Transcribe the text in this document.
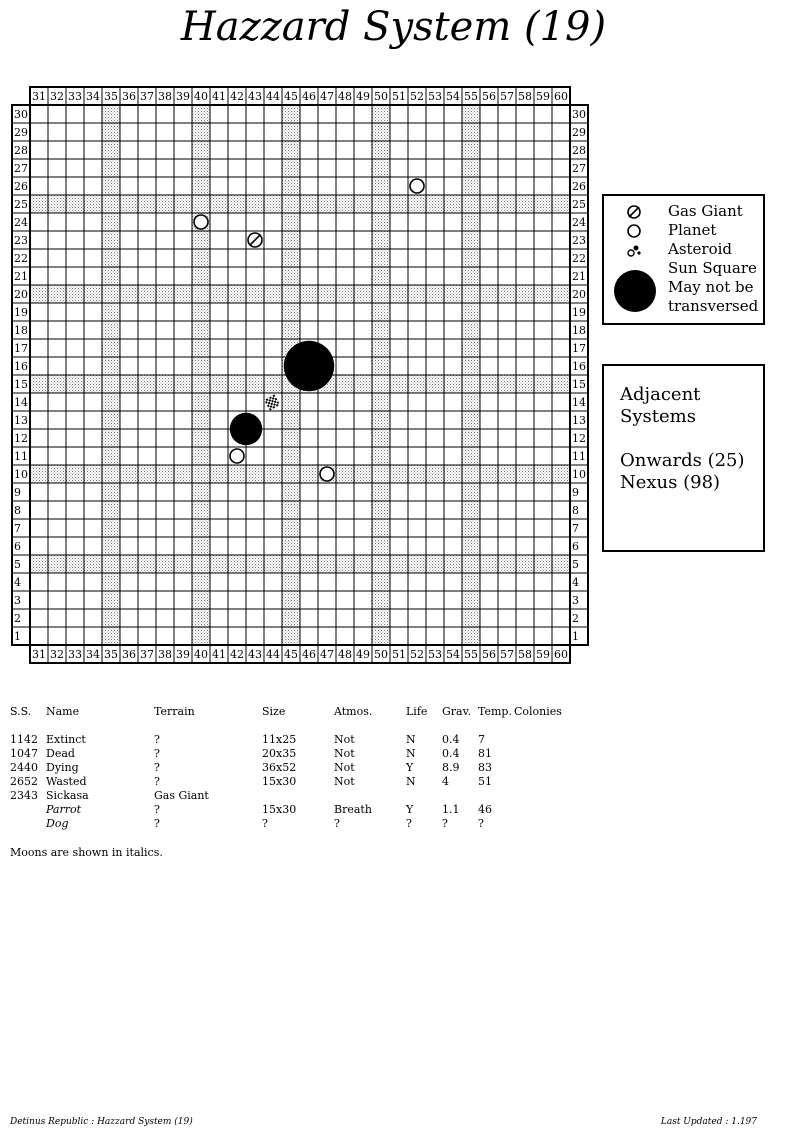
Hazzard System (19)
31
31
32
32
33
33
34
34
35
35
36
36
37
37
38
38
39
39
40
40
41
41
42
42
43
43
44
44
45
45
46
46
47
47
48
48
49
49
50
50
51
51
52
52
53
53
54
54
55
55
56
56
57
57
58
58
59
59
60
60
30	30
29	29
28	28
27	27
26	26
25	25
24	24
23	23
22	22
21	21
20	20
19	19
18	18
17	17
16	16
15	15
14	14
13	13
12	12
11	11
10	10
9	9
8	8
7	7
6	6
5	5
4	4
3	3
2	2
1	1
Gas Giant
Planet
Asteroid
Sun Square
May not be
transversed
Adjacent
Systems
Onwards (25)
Nexus (98)
S.S. Name	Terrain	Size	Atmos.	Life Grav. Temp. Colonies
1142 Extinct	?	11x25	Not	N 0.4 7
1047 Dead	?	20x35	Not	N 0.4 81
2440 Dying	?	36x52	Not	Y	8.9 83
2652 Wasted	?	15x30	Not	N 4	51
2343 Sickasa	Gas Giant
Parrot	?	15x30	Breath	Y	1.1 46
Dog	?	?	?	?	?	?
Moons are shown in italics.
Detinus Republic : Hazzard System (19)	Last Updated : 1.197
